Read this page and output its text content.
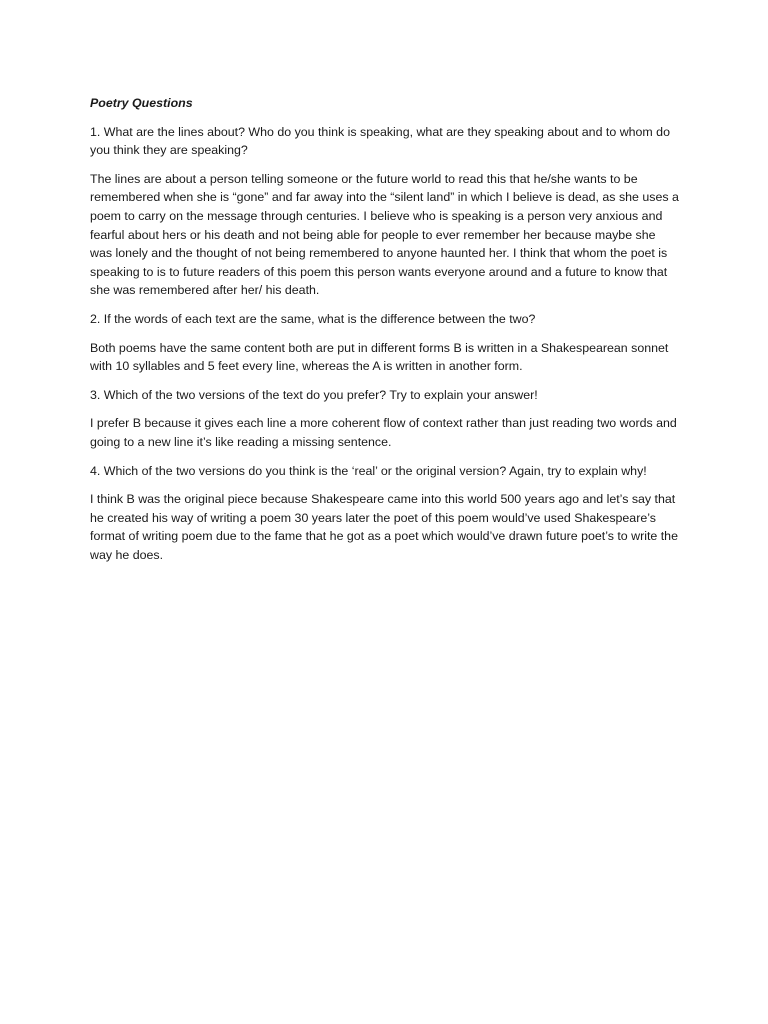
Poetry Questions

1. What are the lines about? Who do you think is speaking, what are they speaking about and to whom do you think they are speaking?

The lines are about a person telling someone or the future world to read this that he/she wants to be remembered when she is “gone” and far away into the “silent land” in which I believe is dead, as she uses a poem to carry on the message through centuries. I believe who is speaking is a person very anxious and fearful about hers or his death and not being able for people to ever remember her because maybe she was lonely and the thought of not being remembered to anyone haunted her. I think that whom the poet is speaking to is to future readers of this poem this person wants everyone around and a future to know that she was remembered after her/ his death.

2. If the words of each text are the same, what is the difference between the two?

Both poems have the same content both are put in different forms B is written in a Shakespearean sonnet with 10 syllables and 5 feet every line, whereas the A is written in another form.

3. Which of the two versions of the text do you prefer? Try to explain your answer!

I prefer B because it gives each line a more coherent flow of context rather than just reading two words and going to a new line it’s like reading a missing sentence.

4. Which of the two versions do you think is the ‘real’ or the original version? Again, try to explain why!

I think B was the original piece because Shakespeare came into this world 500 years ago and let’s say that he created his way of writing a poem 30 years later the poet of this poem would’ve used Shakespeare’s format of writing poem due to the fame that he got as a poet which would’ve drawn future poet’s to write the way he does.
